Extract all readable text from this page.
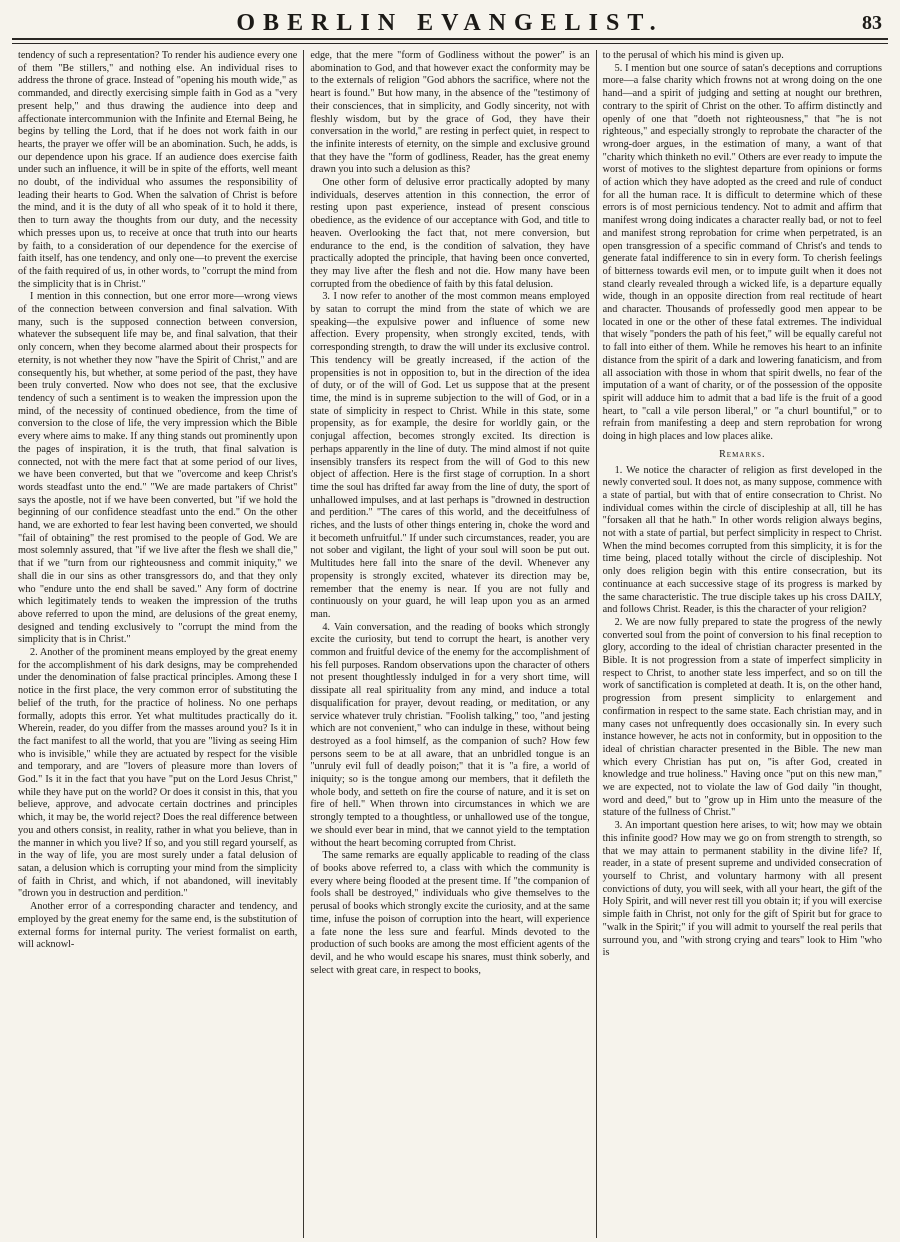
OBERLIN EVANGELIST.	83

tendency of such a representation? To render his audience every one of them "Be stillers," and nothing else. An individual rises to address the throne of grace. Instead of "opening his mouth wide," as commanded, and directly exercising simple faith in God as a "very present help," and thus drawing the audience into deep and affectionate intercommunion with the Infinite and Eternal Being, he begins by telling the Lord, that if he does not work faith in our hearts, the prayer we offer will be an abomination. Such, he adds, is our dependence upon his grace. If an audience does exercise faith under such an influence, it will be in spite of the efforts, well meant no doubt, of the individual who assumes the responsibility of leading their hearts to God. When the salvation of Christ is before the mind, and it is the duty of all who speak of it to hold it there, then to turn away the thoughts from our duty, and the necessity which presses upon us, to receive at once that truth into our hearts by faith, to a consideration of our dependence for the exercise of faith itself, has one tendency, and only one—to prevent the exercise of the faith required of us, in other words, to "corrupt the mind from the simplicity that is in Christ."

I mention in this connection, but one error more—wrong views of the connection between conversion and final salvation. With many, such is the supposed connection between conversion, whatever the subsequent life may be, and final salvation, that their only concern, when they become alarmed about their prospects for eternity, is not whether they now "have the Spirit of Christ," and are consequently his, but whether, at some period of the past, they have been truly converted. Now who does not see, that the exclusive tendency of such a sentiment is to weaken the impression upon the mind, of the necessity of continued obedience, from the time of conversion to the close of life, the very impression which the Bible every where aims to make. If any thing stands out prominently upon the pages of inspiration, it is the truth, that final salvation is connected, not with the mere fact that at some period of our lives, we have been converted, but that we "overcome and keep Christ's words steadfast unto the end." "We are made partakers of Christ" says the apostle, not if we have been converted, but "if we hold the beginning of our confidence steadfast unto the end." On the other hand, we are exhorted to fear lest having been converted, we should "fail of obtaining" the rest promised to the people of God. We are most solemnly assured, that "if we live after the flesh we shall die," that if we "turn from our righteousness and commit iniquity," we shall die in our sins as other transgressors do, and that they only who "endure unto the end shall be saved." Any form of doctrine which legitimately tends to weaken the impression of the truths above referred to upon the mind, are delusions of the great enemy, designed and tending exclusively to "corrupt the mind from the simplicity that is in Christ."

2. Another of the prominent means employed by the great enemy for the accomplishment of his dark designs, may be comprehended under the denomination of false practical principles. Among these I notice in the first place, the very common error of substituting the belief of the truth, for the practice of holiness. No one perhaps formally, adopts this error. Yet what multitudes practically do it. Wherein, reader, do you differ from the masses around you? Is it in the fact manifest to all the world, that you are "living as seeing Him who is invisible," while they are actuated by respect for the visible and temporary, and are "lovers of pleasure more than lovers of God." Is it in the fact that you have "put on the Lord Jesus Christ," while they have put on the world? Or does it consist in this, that you believe, approve, and advocate certain doctrines and principles which, it may be, the world reject? Does the real difference between you and others consist, in reality, rather in what you believe, than in the manner in which you live? If so, and you still regard yourself, as in the way of life, you are most surely under a fatal delusion of satan, a delusion which is corrupting your mind from the simplicity of faith in Christ, and which, if not abandoned, will inevitably "drown you in destruction and perdition."

Another error of a corresponding character and tendency, and employed by the great enemy for the same end, is the substitution of external forms for internal purity. The veriest formalist on earth, will acknowl-

edge, that the mere "form of Godliness without the power" is an abomination to God, and that however exact the conformity may be to the externals of religion "God abhors the sacrifice, where not the heart is found." But how many, in the absence of the "testimony of their consciences, that in simplicity, and Godly sincerity, not with fleshly wisdom, but by the grace of God, they have their conversation in the world," are resting in perfect quiet, in respect to the infinite interests of eternity, on the simple and exclusive ground that they have the "form of godliness, Reader, has the great enemy drawn you into such a delusion as this?

One other form of delusive error practically adopted by many individuals, deserves attention in this connection, the error of resting upon past experience, instead of present conscious obedience, as the evidence of our acceptance with God, and title to heaven. Overlooking the fact that, not mere conversion, but endurance to the end, is the condition of salvation, they have practically adopted the principle, that having been once converted, they may live after the flesh and not die. How many have been corrupted from the obedience of faith by this fatal delusion.

3. I now refer to another of the most common means employed by satan to corrupt the mind from the state of which we are speaking—the expulsive power and influence of some new affection. Every propensity, when strongly excited, tends, with corresponding strength, to draw the will under its exclusive control. This tendency will be greatly increased, if the action of the propensities is not in opposition to, but in the direction of the idea of duty, or of the will of God. Let us suppose that at the present time, the mind is in supreme subjection to the will of God, or in a state of simplicity in respect to Christ. While in this state, some propensity, as for example, the desire for worldly gain, or the conjugal affection, becomes strongly excited. Its direction is perhaps apparently in the line of duty. The mind almost if not quite insensibly transfers its respect from the will of God to this new object of affection. Here is the first stage of corruption. In a short time the soul has drifted far away from the line of duty, the sport of unhallowed impulses, and at last perhaps is "drowned in destruction and perdition." "The cares of this world, and the deceitfulness of riches, and the lusts of other things entering in, choke the word and it becometh unfruitful." If under such circumstances, reader, you are not sober and vigilant, the light of your soul will soon be put out. Multitudes here fall into the snare of the devil. Whenever any propensity is strongly excited, whatever its direction may be, remember that the enemy is near. If you are not fully and continuously on your guard, he will leap upon you as an armed man.

4. Vain conversation, and the reading of books which strongly excite the curiosity, but tend to corrupt the heart, is another very common and fruitful device of the enemy for the accomplishment of his fell purposes. Random observations upon the character of others not present thoughtlessly indulged in for a very short time, will dissipate all real spirituality from any mind, and induce a total disqualification for prayer, devout reading, or meditation, or any service whatever truly christian. "Foolish talking," too, "and jesting which are not convenient," who can indulge in these, without being destroyed as a fool himself, as the companion of such? How few persons seem to be at all aware, that an unbridled tongue is an "unruly evil full of deadly poison;" that it is "a fire, a world of iniquity; so is the tongue among our members, that it defileth the whole body, and setteth on fire the course of nature, and it is set on fire of hell." When thrown into circumstances in which we are strongly tempted to a thoughtless, or unhallowed use of the tongue, we should ever bear in mind, that we cannot yield to the temptation without the heart becoming corrupted from Christ.

The same remarks are equally applicable to reading of the class of books above referred to, a class with which the community is every where being flooded at the present time. If "the companion of fools shall be destroyed," individuals who give themselves to the perusal of books which strongly excite the curiosity, and at the same time, infuse the poison of corruption into the heart, will experience a fate none the less sure and fearful. Minds devoted to the production of such books are among the most efficient agents of the devil, and he who would escape his snares, must think soberly, and select with great care, in respect to books,

to the perusal of which his mind is given up.

5. I mention but one source of satan's deceptions and corruptions more—a false charity which frowns not at wrong doing on the one hand—and a spirit of judging and setting at nought our brethren, contrary to the spirit of Christ on the other. To affirm distinctly and openly of one that "doeth not righteousness," that "he is not righteous," and especially strongly to reprobate the character of the wrong-doer argues, in the estimation of many, a want of that "charity which thinketh no evil." Others are ever ready to impute the worst of motives to the slightest departure from opinions or forms of action which they have adopted as the creed and rule of conduct for all the human race. It is difficult to determine which of these errors is of most pernicious tendency. Not to admit and affirm that manifest wrong doing indicates a character really bad, or not to feel and manifest strong reprobation for crime when perpetrated, is an open transgression of a specific command of Christ's and tends to generate fatal indifference to sin in every form. To cherish feelings of bitterness towards evil men, or to impute guilt when it does not stand clearly revealed through a wicked life, is a departure equally wide, though in an opposite direction from real rectitude of heart and character. Thousands of professedly good men appear to be located in one or the other of these fatal extremes. The individual that wisely "ponders the path of his feet," will be equally careful not to fall into either of them. While he removes his heart to an infinite distance from the spirit of a dark and lowering fanaticism, and from all association with those in whom that spirit dwells, no fear of the imputation of a want of charity, or of the possession of the opposite spirit will adduce him to admit that a bad life is the fruit of a good heart, to "call a vile person liberal," or "a churl bountiful," or to refrain from manifesting a deep and stern reprobation for wrong doing in high places and low places alike.

Remarks.

1. We notice the character of religion as first developed in the newly converted soul. It does not, as many suppose, commence with a state of partial, but with that of entire consecration to Christ. No individual comes within the circle of discipleship at all, till he has "forsaken all that he hath." In other words religion always begins, not with a state of partial, but perfect simplicity in respect to Christ. When the mind becomes corrupted from this simplicity, it is for the time being, placed totally without the circle of discipleship. Not only does religion begin with this entire consecration, but its continuance at each successive stage of its progress is marked by the same characteristic. The true disciple takes up his cross DAILY, and follows Christ. Reader, is this the character of your religion?

2. We are now fully prepared to state the progress of the newly converted soul from the point of conversion to his final reception to glory, according to the ideal of christian character presented in the Bible. It is not progression from a state of imperfect simplicity in respect to Christ, to another state less imperfect, and so on till the work of sanctification is completed at death. It is, on the other hand, progression from present simplicity to enlargement and confirmation in respect to the same state. Each christian may, and in many cases not unfrequently does occasionally sin. In every such instance however, he acts not in conformity, but in opposition to the ideal of christian character presented in the Bible. The new man which every Christian has put on, "is after God, created in knowledge and true holiness." Having once "put on this new man," we are expected, not to violate the law of God daily "in thought, word and deed," but to "grow up in Him unto the measure of the stature of the fullness of Christ."

3. An important question here arises, to wit; how may we obtain this infinite good? How may we go on from strength to strength, so that we may attain to permanent stability in the divine life? If, reader, in a state of present supreme and undivided consecration of yourself to Christ, and voluntary harmony with all present convictions of duty, you will seek, with all your heart, the gift of the Holy Spirit, and will never rest till you obtain it; if you will exercise simple faith in Christ, not only for the gift of Spirit but for grace to "walk in the Spirit;" if you will admit to yourself the real perils that surround you, and "with strong crying and tears" look to Him "who is
